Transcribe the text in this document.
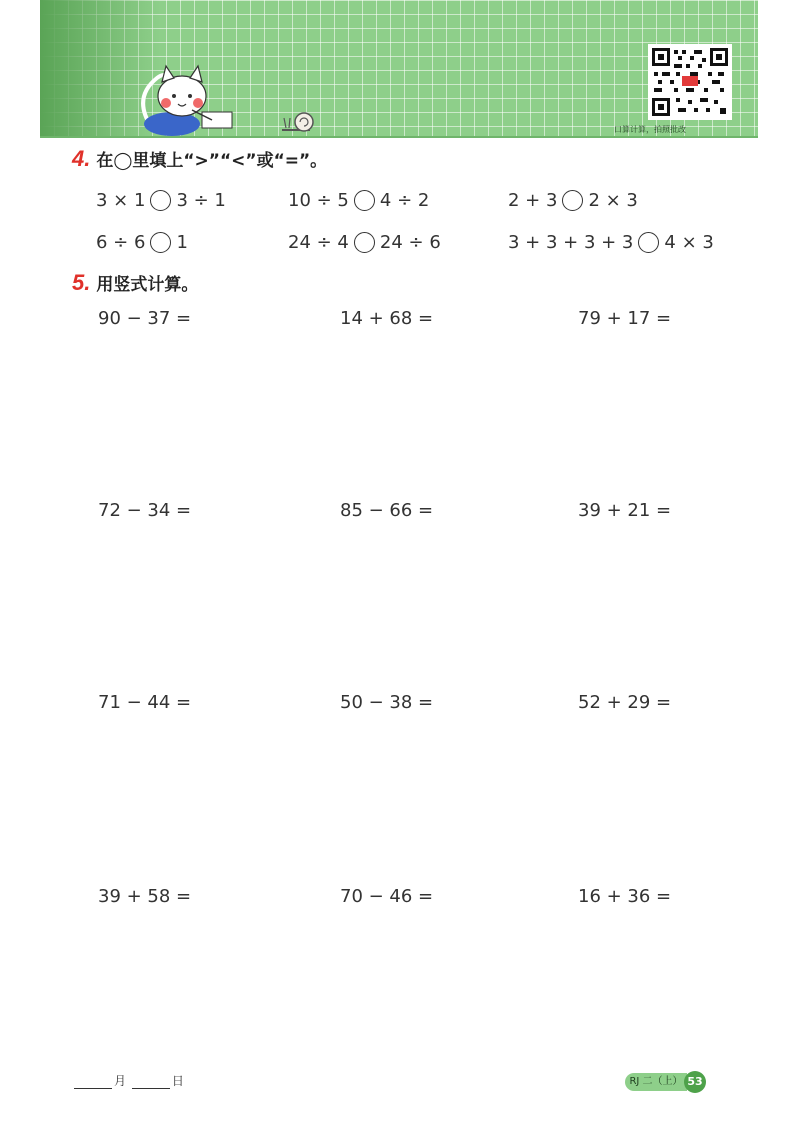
口算计算，拍照批改
4. 在◯里填上“>”“<”或“=”。
3 × 1 3 ÷ 1	10 ÷ 5 4 ÷ 2	2 + 3 2 × 3
6 ÷ 6 1	24 ÷ 4 24 ÷ 6	3 + 3 + 3 + 3 4 × 3
5. 用竖式计算。
90 − 37 =	14 + 68 =	79 + 17 =
72 − 34 =	85 − 66 =	39 + 21 =
71 − 44 =	50 − 38 =	52 + 29 =
39 + 58 =	70 − 46 =	16 + 36 =
月	日	RJ 二（上） 53
